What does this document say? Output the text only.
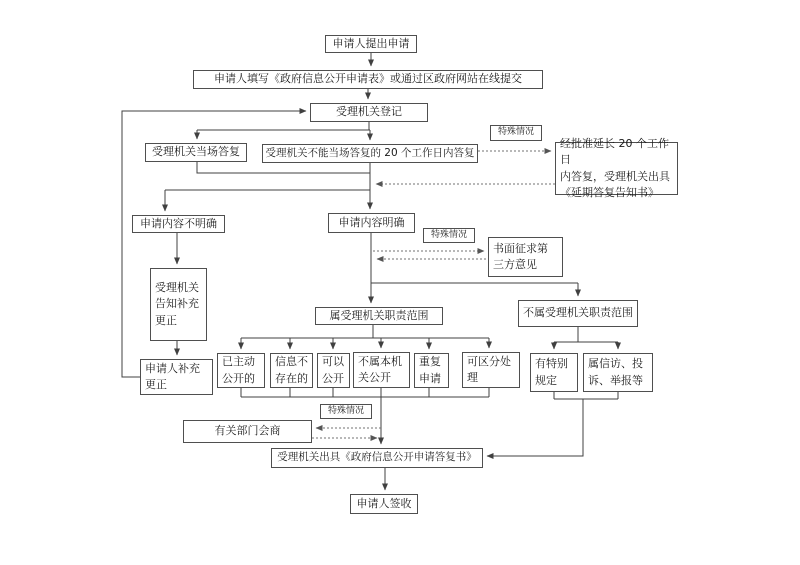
申请人提出申请
申请人填写《政府信息公开申请表》或通过区政府网站在线提交
受理机关登记
受理机关当场答复	受理机关不能当场答复的 20 个工作日内答复
特殊情况
经批准延长 20 个工作日
内答复，受理机关出具
《延期答复告知书》
申请内容不明确	申请内容明确
特殊情况
书面征求第
三方意见
受理机关
告知补充
更正
申请人补充
更正
属受理机关职责范围	不属受理机关职责范围
已主动
公开的
信息不
存在的
可以
公开
不属本机
关公开
重复
申请
可区分处
理
有特别
规定
属信访、投
诉、举报等
特殊情况
有关部门会商
受理机关出具《政府信息公开申请答复书》
申请人签收
